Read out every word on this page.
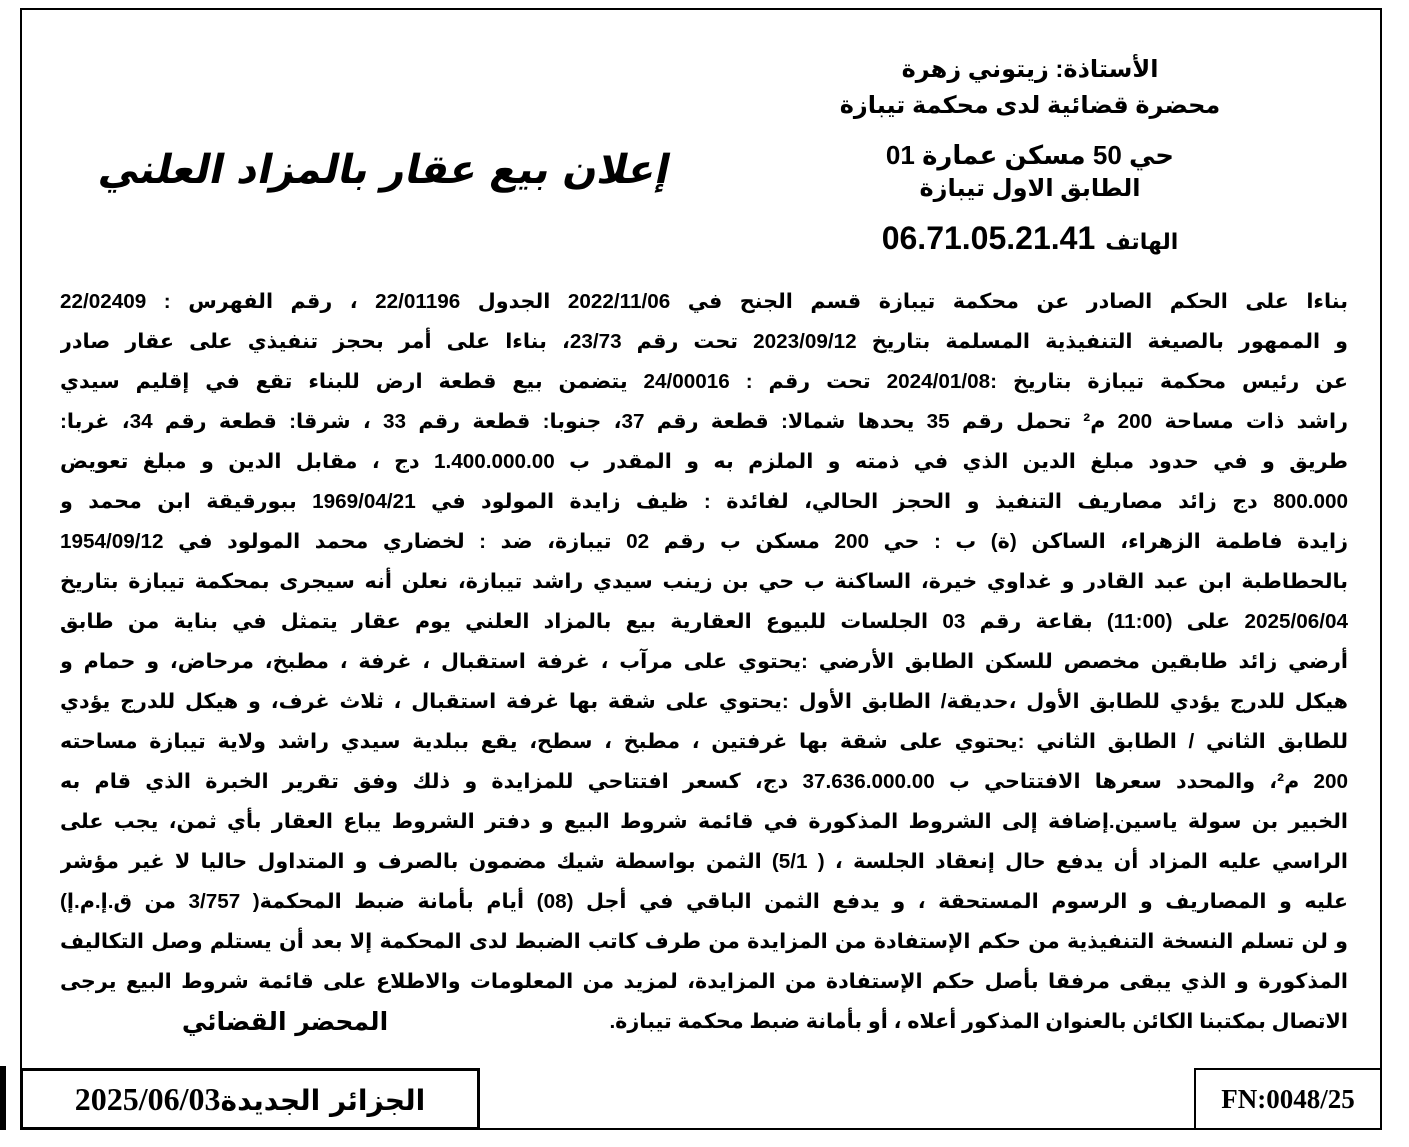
الأستاذة: زيتوني زهرة
محضرة قضائية لدى محكمة تيبازة
حي 50 مسكن عمارة 01
الطابق الاول تيبازة
الهاتف06.71.05.21.41
إعلان بيع عقار بالمزاد العلني
بناءا على الحكم الصادر عن محكمة تيبازة قسم الجنح في 2022/11/06 الجدول 22/01196 ، رقم الفهرس : 22/02409
و الممهور بالصيغة التنفيذية المسلمة بتاريخ 2023/09/12 تحت رقم 23/73، بناءا على أمر بحجز تنفيذي على عقار صادر
عن رئيس محكمة تيبازة بتاريخ :2024/01/08 تحت رقم : 24/00016 يتضمن بيع قطعة ارض للبناء تقع في إقليم سيدي
راشد ذات مساحة 200 م² تحمل رقم 35 يحدها شمالا: قطعة رقم 37، جنوبا: قطعة رقم 33 ، شرقا: قطعة رقم 34، غربا:
طريق و في حدود مبلغ الدين الذي في ذمته و الملزم به و المقدر ب 1.400.000.00 دج ، مقابل الدين و مبلغ تعويض
800.000 دج زائد مصاريف التنفيذ و الحجز الحالي، لفائدة : ظيف زايدة المولود في 1969/04/21 ببورقيقة ابن محمد و
زايدة فاطمة الزهراء، الساكن (ة) ب : حي 200 مسكن ب رقم 02 تيبازة، ضد : لخضاري محمد المولود في 1954/09/12
بالحطاطبة ابن عبد القادر و غداوي خيرة، الساكنة ب حي بن زينب سيدي راشد تيبازة، نعلن أنه سيجرى بمحكمة تيبازة بتاريخ
2025/06/04 على (11:00) بقاعة رقم 03 الجلسات للبيوع العقارية بيع بالمزاد العلني يوم عقار يتمثل في بناية من طابق
أرضي زائد طابقين مخصص للسكن الطابق الأرضي :يحتوي على مرآب ، غرفة استقبال ، غرفة ، مطبخ، مرحاض، و حمام و
هيكل للدرج يؤدي للطابق الأول ،حديقة/ الطابق الأول :يحتوي على شقة بها غرفة استقبال ، ثلاث غرف، و هيكل للدرج يؤدي
للطابق الثاني / الطابق الثاني :يحتوي على شقة بها غرفتين ، مطبخ ، سطح، يقع ببلدية سيدي راشد ولاية تيبازة مساحته
200 م²، والمحدد سعرها الافتتاحي ب 37.636.000.00 دج، كسعر افتتاحي للمزايدة و ذلك وفق تقرير الخبرة الذي قام به
الخبير بن سولة ياسين.إضافة إلى الشروط المذكورة في قائمة شروط البيع و دفتر الشروط يباع العقار بأي ثمن، يجب على
الراسي عليه المزاد أن يدفع حال إنعقاد الجلسة ، ( 5/1) الثمن بواسطة شيك مضمون بالصرف و المتداول حاليا لا غير مؤشر
عليه و المصاريف و الرسوم المستحقة ، و يدفع الثمن الباقي في أجل (08) أيام بأمانة ضبط المحكمة( 3/757 من ق.إ.م.إ)
و لن تسلم النسخة التنفيذية من حكم الإستفادة من المزايدة من طرف كاتب الضبط لدى المحكمة إلا بعد أن يستلم وصل التكاليف
المذكورة و الذي يبقى مرفقا بأصل حكم الإستفادة من المزايدة، لمزيد من المعلومات والاطلاع على قائمة شروط البيع يرجى
الاتصال بمكتبنا الكائن بالعنوان المذكور أعلاه ، أو بأمانة ضبط محكمة تيبازة.
المحضر القضائي
الجزائر الجديدة2025/06/03	FN:0048/25
